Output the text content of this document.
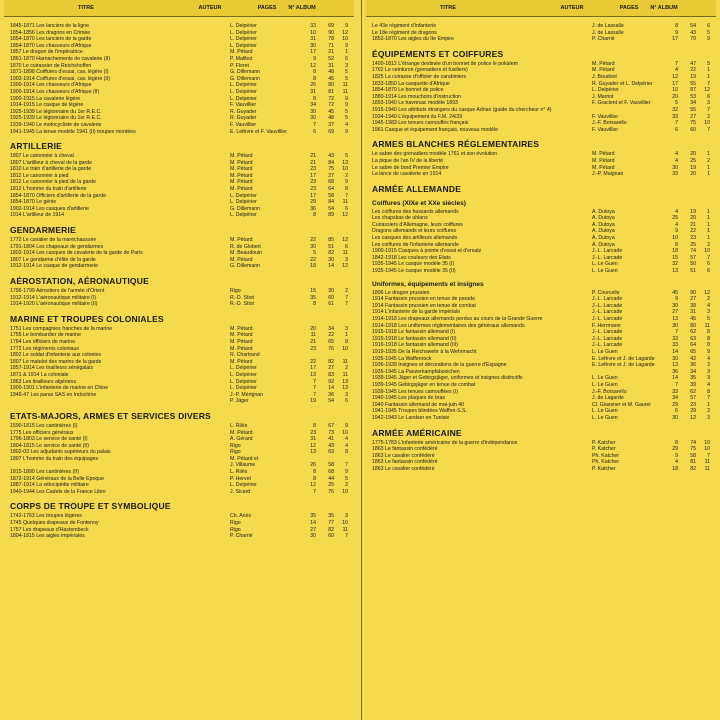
TITRE	AUTEUR	PAGES	N° ALBUM
1845-1871 Les lanciers de la ligne	L. Delpérier	33	69	9
1854-1856 Les dragons en Crimée	L. Delpérier	10	90	12
1854-1870 Les lanciers de la garde	L. Delpérier	31	78	10
1854-1870 Les chasseurs d'Afrique	L. Delpérier	30	71	9
1857 Le dragon de l'impératrice	M. Pétard	17	21	1
1861-1870 Harnachements de cavalerie (II)	P. Malibot	9	52	6
1870 Le cuirassier de Reichshoffen	P. Floret	12	31	3
1871-1898 Coiffures d'essai, cav. légère (I)	G. Dillemann	8	48	5
1903-1914 Coiffures d'essai, cav. légère (II)	G. Dillemann	8	45	5
1900-1914 Les chasseurs d'Afrique	L. Delpérier	26	80	11
1900-1914 Les chasseurs d'Afrique (II)	L. Delpérier	31	81	11
1900-1915 La cavalerie légère	L. Delpérier	8	72	9
1914-1915 Le casque de légère	F. Vauvillier	34	72	9
1925-1939 Le légionnaire du 1er R.E.C.	R. Guyader	30	45	5
1925-1939 Le légionnaire du 1er R.E.C.	R. Guyader	30	48	5
1939-1940 Le motocycliste de cavalerie	F. Vauvillier	7	37	4
1941-1945 La tenue modèle 1941 (II) troupes montées	E. Lefèvre et F. Vauvillier	6	69	9
ARTILLERIE
1807 Le canonnier à cheval	M. Pétard	21	43	5
1807 L'artilleur à cheval de la garde	M. Pétard	21	84	13
1810 Le train d'artillerie de la garde	M. Pétard	23	75	10
1812 Le canonnier à pied	M. Pétard	17	27	2
1812 Le canonnier à pied de la garde	M. Pétard	23	68	9
1812 L'homme du train d'artillerie	M. Pétard	23	64	8
1854-1870 Officiers d'artillerie de la garde	L. Delpérier	17	58	7
1854-1870 Le génie	L. Delpérier	29	84	11
1902-1914 Les casques d'artillerie	G. Dillemann	36	54	6
1914 L'artilleur de 1914	L. Delpérier	8	89	12
GENDARMERIE
1772 Le cavalier de la maréchaussée	M. Pétard	22	85	12
1791-1804 Les chapeaux de gendarmes	R. de Globert	30	51	6
1802-1914 Les casques de cavalerie de la garde de Paris	M. Beaudouin	5	82	11
1807 Le gendarme d'élite de la garde	M. Pétard	22	30	3
1912-1914 Le casque de gendarmerie	G. Dillemann	18	14	12
AÉROSTATION, AÉRONAUTIQUE
1796-1799 Aérostiers de l'armée d'Orient	Rigo	15	30	2
1912-1914 L'aéronautique militaire (I)	R.-D. Stiot	35	60	7
1914-1920 L'aéronautique militaire (II)	R.-D. Stiot	8	61	7
MARINE ET TROUPES COLONIALES
1751 Les compagnies franches de la marine	M. Pétard	20	34	3
1755 Le bombardier de marine	M. Pétard	11	22	1
1764 Les officiers de marine	M. Pétard	21	65	8
1772 Les régiments coloniaux	M. Pétard	23	76	10
1802 Le soldat d'infanterie aux colonies	R. Chartrand
1807 Le matelot des marins de la garde	M. Pétard	22	82	11
1857-1914 Les tirailleurs sénégalais	L. Delpérier	17	27	2
1871 & 1914 La coloniale	L. Delpérier	13	83	11
1863 Les tirailleurs algériens	L. Delpérier	7	92	13
1900-1901 L'infanterie de marine en Chine	L. Delpérier	7	14	13
1946-47 Les paras SAS en Indochine	J.-P. Mérignan	7	36	3
P. Jäger	19	54	6
ETATS-MAJORS, ARMES ET SERVICES DIVERS
1590-1815 Les cantinières (I)	L. Rilès	8	67	9
1775 Les officiers généraux	M. Pétard	23	73	10
1796-1803 Le service de santé (I)	A. Gérard	31	41	4
1804-1815 Le service de santé (II)	Rigo	12	43	4
1802-03 Les adjudants supérieurs du palais	Rigo	13	63	8
1807 L'homme du train des équipages	M. Pétard et
J. Villaume	26	58	7
1815-1890 Les cantinières (II)	L. Rilès	8	68	9
1872-1914 Généraux de la Belle Époque	P. Hervet	8	44	5
1887-1914 La vélocipédie militaire	L. Delpérier	12	25	2
1940-1944 Les Cadets de la France Libre	J. Sicard	7	76	10
CORPS DE TROUPE ET SYMBOLIQUE
1742-1763 Les troupes légères	Ch. Ariès	35	35	3
1745 Quelques drapeaux de Fontenoy	Rigo	14	77	10
1757 Les drapeaux d'Hastembeck	Rigo	27	82	11
1804-1815 Les aigles impériales	P. Charrié	30	60	7
TITRE	AUTEUR	PAGES	N° ALBUM
Le 43e régiment d'infanterie	J. de Lassalle	8	54	6
Le 18e régiment de dragons	J. de Lassalle	9	43	5
1852-1870 Les aigles du IIe Empire	P. Charrié	17	70	9
ÉQUIPEMENTS ET COIFFURES
1400-1812 L'étrange destinée d'un bonnet de police le pokalem	M. Pétard	7	47	5
1762 Le ceinturon (grenadiers et fusiliers)	M. Pétard	4	22	1
1825 La cuirasse d'officier de carabiniers	J. Boudriot	12	19	1
1833-1850 La casquette d'Afrique	R. Guyader et L. Delpérier	17	55	7
1854-1870 Le bonnet de police	L. Delpérier	10	87	12
1880-1914 Les mouchoirs d'instruction	J. Marriot	20	53	6
1893-1940 Le havresac modèle 1893	F. Gracient et F. Vauvillier	5	34	3
1915-1940 Les attributs étrangers du casque Adrian (guide du chercheur n° 4)	32	55	7
1934-1940 L'équipement du F.M. 24/29	F. Vauvillier	33	27	2
1945-1983 Les tenues camouflés français	J.-F. Borsarello	7	75	10
1961 Casque et équipement français, nouveau modèle	F. Vauvillier	6	60	7
ARMES BLANCHES RÉGLEMENTAIRES
Le sabre des grenadiers modèle 1761 et son évolution	M. Pétard	4	20	1
La pique de l'an IV de la liberté	M. Pétard	4	25	2
Le sabre de bord Premier Empire	M. Pétard	30	19	1
La lance de cavalerie en 1914	J.-P. Maignan	33	20	1
ARMÉE ALLEMANDE
Coiffures (XIXe et XXe siècles)
Les coiffures des hussards allemands	A. Dutoya	4	19	1
Les chapskas de uhlans	A. Dutoya	25	20	1
Cuirassiers d'Allemagne, leurs coiffures	A. Dutoya	4	21	1
Dragons allemands et leurs coiffures	A. Dutoya	9	22	1
Les casques des artilleurs allemands	A. Dutoya	10	23	1
Les coiffures de l'infanterie allemande	A. Dutoya	8	25	2
1900-1915 Casques à pointe d'essai et d'ersatz	J.-L. Larcade	18	74	10
1842-1918 Les couleurs des États	J.-L. Larcade	15	57	7
1935-1945 Le casque modèle 35 (I)	L. Le Guen	32	50	6
1935-1945 Le casque modèle 35 (II)	L. Le Guen	13	51	6
Uniformes, équipements et insignes
1806 Le dragon prussien	P. Courcelle	45	90	12
1914 Fantassin prussien en tenue de parade	J.-L. Larcade	9	27	2
1914 Fantassin prussien en tenue de combat	J.-L. Larcade	30	38	4
1914 L'infanterie de la garde impériale	J.-L. Larcade	27	31	3
1914-1918 Les drapeaux allemands perdus au cours de la Grande Guerre	J.-L. Larcade	13	45	5
1914-1918 Les uniformes réglementaires des généraux allemands	F. Herrmann	30	80	11
1915-1918 Le fantassin allemand (I)	J.-L. Larcade	7	62	8
1915-1918 Le fantassin allemand (II)	J.-L. Larcade	33	63	8
1916-1918 Le fantassin allemand (III)	J.-L. Larcade	33	64	8
1919-1935 De la Reichswehr à la Wehrmacht	L. Le Guen	14	65	9
1935-1945 La Waffenrock	E. Lefèvre et J. de Lagarde	30	42	4
1936-1939 Insignes et décorations de la guerre d'Espagne	E. Lefèvre et J. de Lagarde	13	36	3
1935-1945 La Panzerkampfabzeichen	36	34	3
1939-1945 Jäger et Gebirgsjäger, uniformes et insignes distinctifs	L. Le Guen	14	35	3
1939-1945 Gebirgsjäger en tenue de combat	L. Le Guen	7	39	4
1939-1945 Les tenues camouflées (I)	J.-F. Borsarello	33	62	8
1940-1945 Les plaques de bras	J. de Lagarde	34	57	7
1940 Fantassin allemand de mai-juin 40	Cl. Glassner et M. Gaurel	29	23	1
1941-1945 Troupes blindées Waffen-S.S.	L. Le Guen	6	29	2
1942-1943 Le Landser en Tunisie	L. Le Guen	30	12	3
ARMÉE AMÉRICAINE
1775-1783 L'infanterie américaine de la guerre d'indépendance	P. Katcher	8	74	10
1863 Le fantassin confédéré	P. Katcher	29	75	10
1863 Le cavalier confédéré	Ph. Katcher	9	58	7
1863 Le fantassin confédéré	Ph. Katcher	4	81	11
1863 Le cavalier confédéré	P. Katcher	18	82	11
